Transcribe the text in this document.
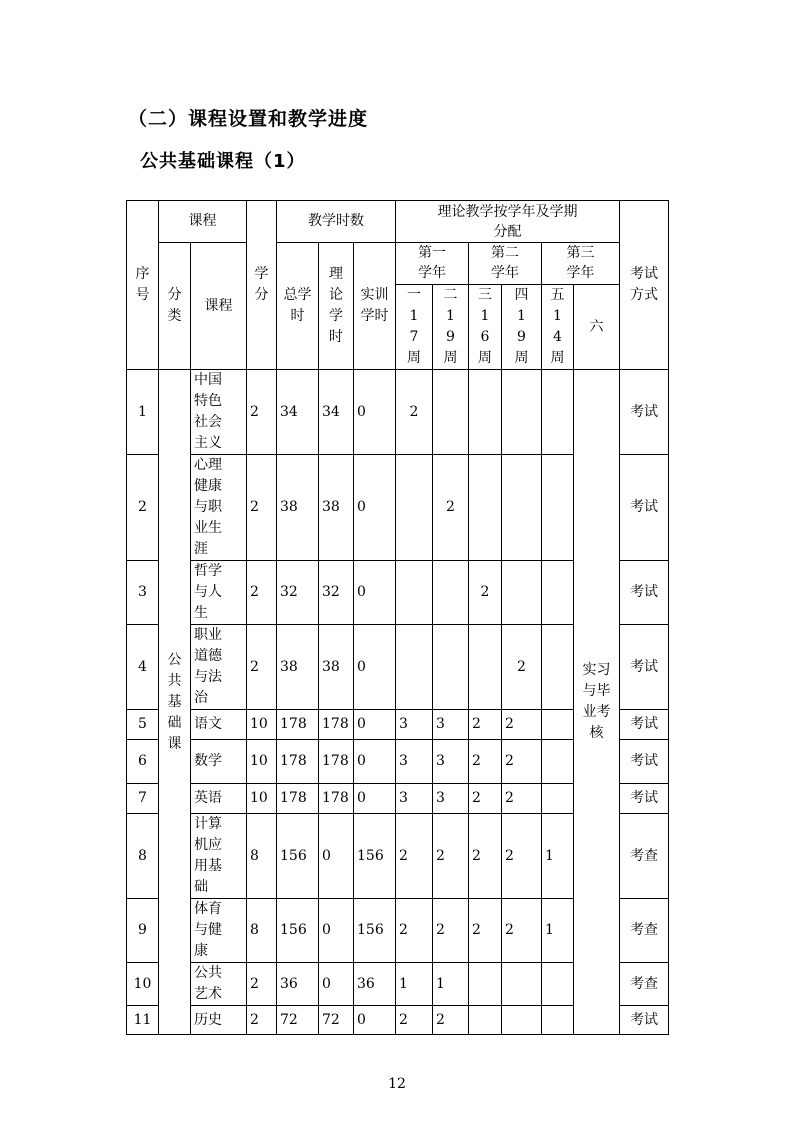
（二）课程设置和教学进度
公共基础课程（1）
序号	课程		学分	教学时数			理论教学按学年及学期分配						考试方式
	分类	课程		总学时	理论学时	实训学时	第一学年		第二学年		第三学年		
							一17周	二19周	三16周	四19周	五14周	六	
1	公共基础课	中国特色社会主义	2	34	34	0	2					实习与毕业考核	考试
2		心理健康与职业生涯	2	38	38	0		2					考试
3		哲学与人生	2	32	32	0			2				考试
4		职业道德与法治	2	38	38	0				2			考试
5		语文	10	178	178	0	3	3	2	2			考试
6		数学	10	178	178	0	3	3	2	2			考试
7		英语	10	178	178	0	3	3	2	2			考试
8		计算机应用基础	8	156	0	156	2	2	2	2	1		考查
9		体育与健康	8	156	0	156	2	2	2	2	1		考查
10		公共艺术	2	36	0	36	1	1					考查
11		历史	2	72	72	0	2	2					考试
12
